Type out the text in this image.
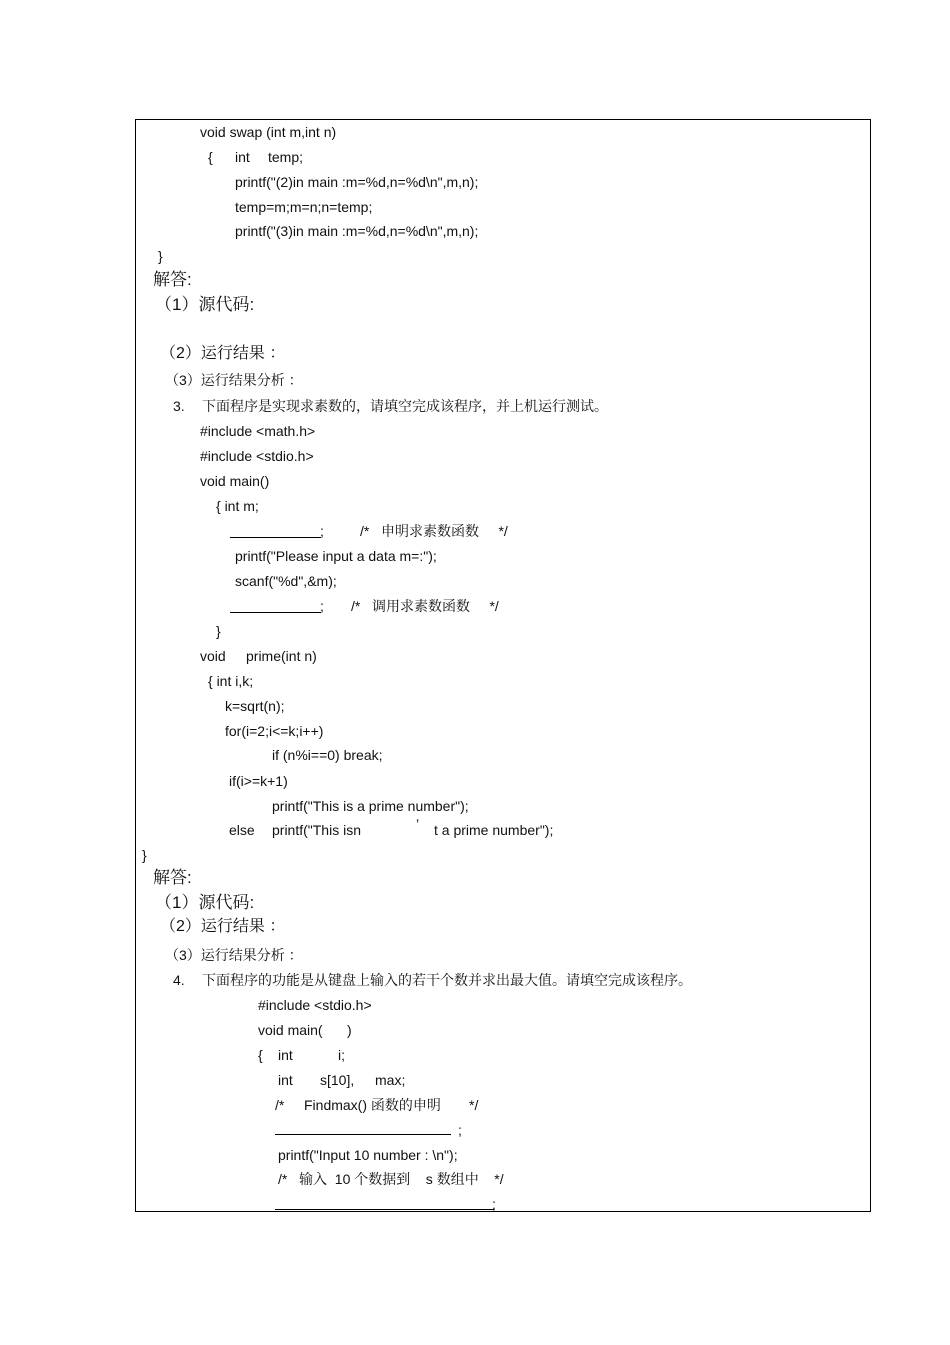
void swap (int m,int n)
{ int temp;
printf("(2)in main :m=%d,n=%d\n",m,n);
temp=m;m=n;n=temp;
printf("(3)in main :m=%d,n=%d\n",m,n);
}
解答:
（1）源代码:
（2）运行结果 ：
（3）运行结果分析 ：
3. 下面程序是实现求素数的，请填空完成该程序，并上机运行测试。
#include <math.h>
#include <stdio.h>
void main()
{ int m;
;	/*   申明求素数函数     */
printf("Please input a data m=:");
scanf("%d",&m);
; /*   调用求素数函数     */
}
void prime(int n)
{ int i,k;
k=sqrt(n);
for(i=2;i<=k;i++)
if (n%i==0) break;
if(i>=k+1)
printf("This is a prime number");
else printf("This isn	’ t a prime number");
}
解答:
（1）源代码:
（2）运行结果 ：
（3）运行结果分析 ：
4. 下面程序的功能是从键盘上输入的若干个数并求出最大值。请填空完成该程序。
#include <stdio.h>
void main( )
{ int	i;
int s[10], max;
/* Findmax() 函数的申明 */
;
printf("Input 10 number : \n");
/*   输入  10 个数据到    s 数组中    */
;
